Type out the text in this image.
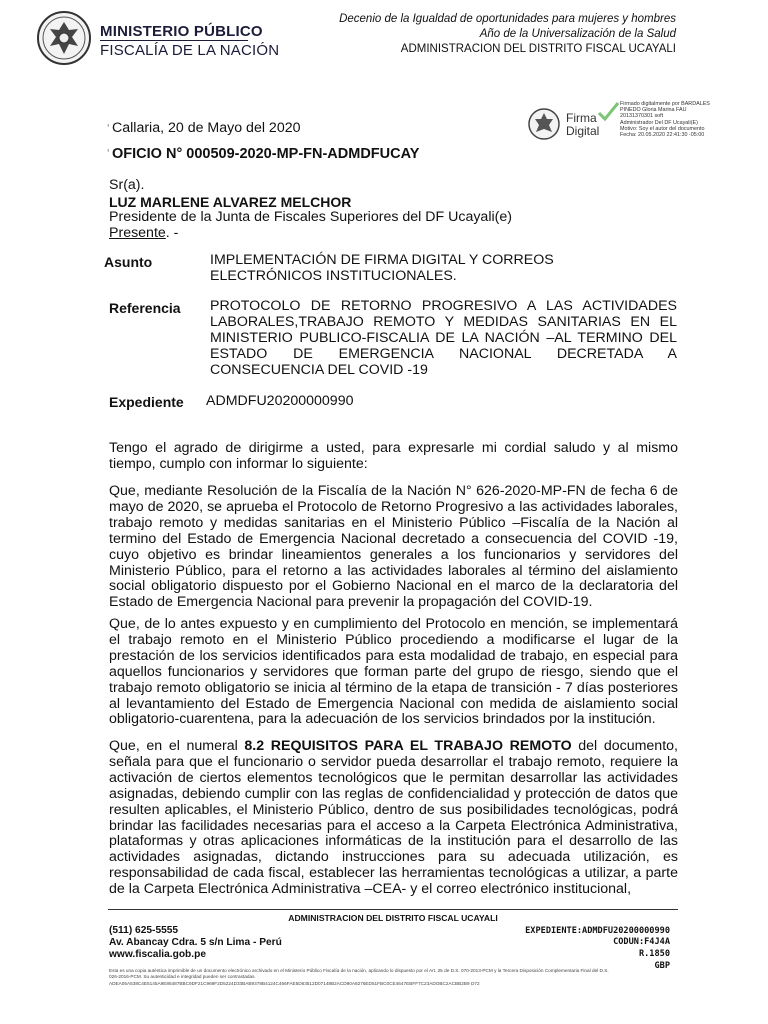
MINISTERIO PÚBLICO
FISCALÍA DE LA NACIÓN
Decenio de la Igualdad de oportunidades para mujeres y hombres
Año de la Universalización de la Salud
ADMINISTRACION DEL DISTRITO FISCAL UCAYALI
Firma
Digital
Firmado digitalmente por BARDALES
PINEDO Gloria Marina FAU
20131370301 soft
Administrador Del DF Ucayali(E)
Motivo: Soy el autor del documento
Fecha: 20.05.2020 22:41:30 -05:00
' Callaria, 20 de Mayo del 2020
' OFICIO N° 000509-2020-MP-FN-ADMDFUCAY
Sr(a).
LUZ MARLENE ALVAREZ MELCHOR
Presidente de la Junta de Fiscales Superiores del DF Ucayali(e)
Presente. -
Asunto	IMPLEMENTACIÓN DE FIRMA DIGITAL Y CORREOS
ELECTRÓNICOS INSTITUCIONALES.
Referencia PROTOCOLO DE RETORNO PROGRESIVO A LAS ACTIVIDADES
LABORALES,TRABAJO REMOTO Y MEDIDAS SANITARIAS EN EL
MINISTERIO PUBLICO-FISCALIA DE LA NACIÓN –AL TERMINO DEL
ESTADO DE EMERGENCIA NACIONAL DECRETADA A
CONSECUENCIA DEL COVID -19
Expediente ADMDFU20200000990
Tengo el agrado de dirigirme a usted, para expresarle mi cordial saludo y al mismo
tiempo, cumplo con informar lo siguiente:
Que, mediante Resolución de la Fiscalía de la Nación N° 626-2020-MP-FN de fecha 6 de
mayo de 2020, se aprueba el Protocolo de Retorno Progresivo a las actividades laborales,
trabajo remoto y medidas sanitarias en el Ministerio Público –Fiscalía de la Nación al
termino del Estado de Emergencia Nacional decretado a consecuencia del COVID -19,
cuyo objetivo es brindar lineamientos generales a los funcionarios y servidores del
Ministerio Público, para el retorno a las actividades laborales al término del aislamiento
social obligatorio dispuesto por el Gobierno Nacional en el marco de la declaratoria del
Estado de Emergencia Nacional para prevenir la propagación del COVID-19.
Que, de lo antes expuesto y en cumplimiento del Protocolo en mención, se implementará
el trabajo remoto en el Ministerio Público procediendo a modificarse el lugar de la
prestación de los servicios identificados para esta modalidad de trabajo, en especial para
aquellos funcionarios y servidores que forman parte del grupo de riesgo, siendo que el
trabajo remoto obligatorio se inicia al término de la etapa de transición - 7 días posteriores
al levantamiento del Estado de Emergencia Nacional con medida de aislamiento social
obligatorio-cuarentena, para la adecuación de los servicios brindados por la institución.
Que, en el numeral 8.2 REQUISITOS PARA EL TRABAJO REMOTO del documento,
señala para que el funcionario o servidor pueda desarrollar el trabajo remoto, requiere la
activación de ciertos elementos tecnológicos que le permitan desarrollar las actividades
asignadas, debiendo cumplir con las reglas de confidencialidad y protección de datos que
resulten aplicables, el Ministerio Público, dentro de sus posibilidades tecnológicas, podrá
brindar las facilidades necesarias para el acceso a la Carpeta Electrónica Administrativa,
plataformas y otras aplicaciones informáticas de la institución para el desarrollo de las
actividades asignadas, dictando instrucciones para su adecuada utilización, es
responsabilidad de cada fiscal, establecer las herramientas tecnológicas a utilizar, a parte
de la Carpeta Electrónica Administrativa –CEA- y el correo electrónico institucional,
ADMINISTRACION DEL DISTRITO FISCAL UCAYALI
(511) 625-5555
Av. Abancay Cdra. 5 s/n Lima - Perú
www.fiscalia.gob.pe
EXPEDIENTE:ADMDFU20200000990
CODUN:F4J4A
R.1850
GBP
Esta es una copia auténtica imprimible de un documento electrónico archivado en el Ministerio Público Fiscalía de la nación, aplicando lo dispuesto por el Art. 25 de D.S. 070-2013-PCM y la Tercera Disposición Complementaria Final del D.S.
026-2016-PCM. Su autenticidad e integridad pueden ser contrastadas.
ADEA05A538C4E5145A9E86487BBC9DF21C969F2D5224D33BAB9378B4124C466FAE5D63512D07148B2ACD90A8276ED51FBC0CE4647EBFF7C23ADOBC2ACBB2B9 D72
